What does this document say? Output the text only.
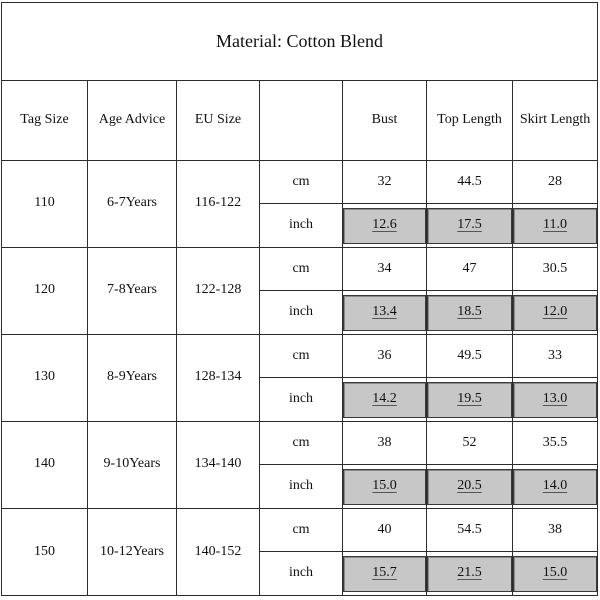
Material: Cotton Blend						
Tag Size	Age Advice	EU Size		Bust	Top Length	Skirt Length
110	6-7Years	116-122	cm	32	44.5	28
			inch	12.6	17.5	11.0

120	7-8Years	122-128	cm	34	47	30.5
			inch	13.4	18.5	12.0

130	8-9Years	128-134	cm	36	49.5	33
			inch	14.2	19.5	13.0

140	9-10Years	134-140	cm	38	52	35.5
			inch	15.0	20.5	14.0

150	10-12Years	140-152	cm	40	54.5	38
			inch	15.7	21.5	15.0
